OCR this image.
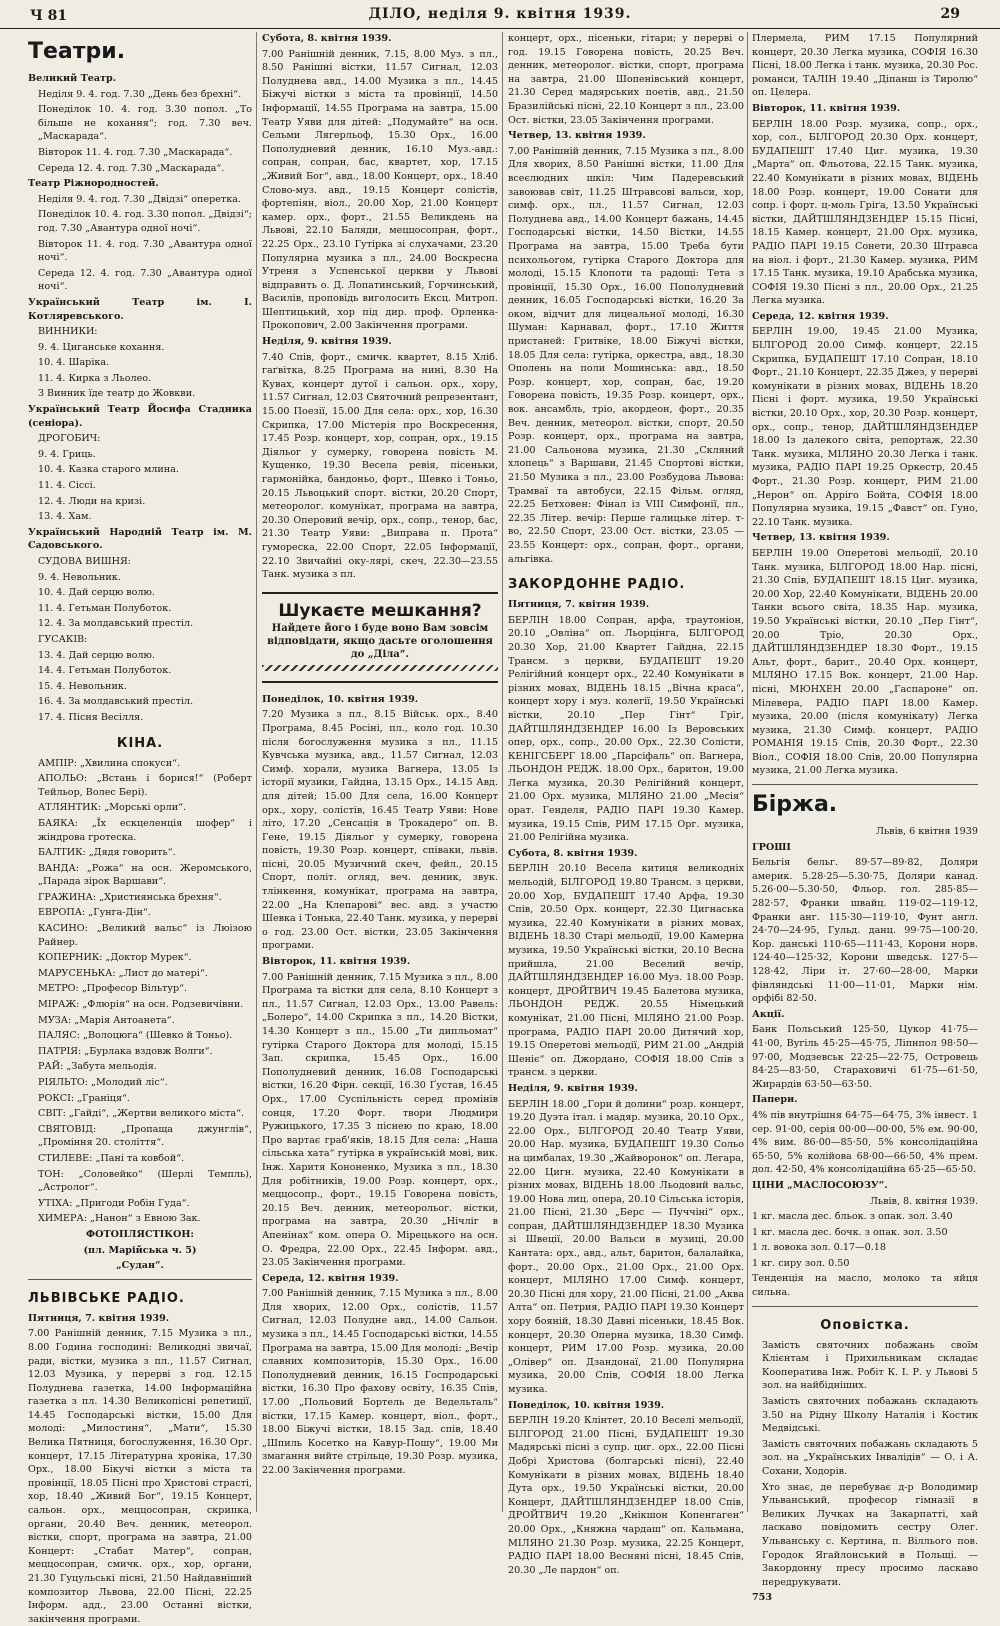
Ч 81	ДІЛО, неділя 9. квітня 1939.	29
Театри.

Великий Театр.

Неділя 9. 4. год. 7.30 „День без брехні“.

Понеділок 10. 4. год. 3.30 попол. „То більше не кохання“; год. 7.30 веч. „Маскарада“.

Вівторок 11. 4. год. 7.30 „Маскарада“.

Середа 12. 4. год. 7.30 „Маскарада“.

Театр Ріжнородностей.

Неділя 9. 4. год. 7.30 „Двідзі“ оперетка.

Понеділок 10. 4. год. 3.30 попол. „Двідзі“; год. 7.30 „Авантура одної ночі“.

Вівторок 11. 4. год. 7.30 „Авантура одної ночі“.

Середа 12. 4. год. 7.30 „Авантура одної ночі“.

Український Театр ім. І. Котляревського.

ВИННИКИ:

9. 4. Циганське кохання.

10. 4. Шаріка.

11. 4. Кирка з Льолео.

З Винник їде театр до Жовкви.

Український Театр Йосифа Стадника (сеніора).

ДРОГОБИЧ:

9. 4. Гриць.

10. 4. Казка старого млина.

11. 4. Сіссі.

12. 4. Люди на кризі.

13. 4. Хам.

Український Народній Театр ім. М. Садовського.

СУДОВА ВИШНЯ:

9. 4. Невольник.

10. 4. Дай серцю волю.

11. 4. Гетьман Полуботок.

12. 4. За молдавський престіл.

ГУСАКІВ:

13. 4. Дай серцю волю.

14. 4. Гетьман Полуботок.

15. 4. Невольник.

16. 4. За молдавський престіл.

17. 4. Пісня Весілля.

КІНА.

АМПІР: „Хвилина спокуси“.

АПОЛЬО: „Встань і борися!“ (Роберт Тейльор, Волес Бері).

АТЛЯНТИК: „Морські орли“.

БАЯКА: „Їх ескцеленція шофер“ і жіндрова гротеска.

БАЛТИК: „Дядя говорить“.

ВАНДА: „Рожа“ на осн. Жеромського, „Парада зірок Варшави“.

ГРАЖИНА: „Християнська брехня“.

ЕВРОПА: „Гунга-Дін“.

КАСИНО: „Великий вальс“ із Люізою Райнер.

КОПЕРНИК: „Доктор Мурек“.

МАРУСЕНЬКА: „Лист до матері“.

МЕТРО: „Професор Вільтур“.

МІРАЖ: „Флюрія“ на осн. Родзевичівни.

МУЗА: „Марія Антоанета“.

ПАЛЯС: „Волоцюга“ (Шевко й Тоньо).

ПАТРІЯ: „Бурлака вздовж Волги“.

РАЙ: „Забута мельодія.

РІЯЛЬТО: „Молодий ліс“.

РОКСІ: „Граніця“.

СВІТ: „Гайді“, „Жертви великого міста“.

СВЯТОВІД: „Пропаща джунглів“, „Проміння 20. століття“.

СТИЛЕВЕ: „Пані та ковбой“.

ТОН: „Соловейко“ (Шерлі Темпль), „Астролог“.

УТІХА: „Пригоди Робін Гуда“.

ХИМЕРА: „Нанон“ з Евною Зак.

ФОТОПЛЯСТІКОН:

(пл. Марійська ч. 5)

„Судан“.

ЛЬВІВСЬКЕ РАДІО.

Пятниця, 7. квітня 1939.

7.00 Ранішній денник, 7.15 Музика з пл., 8.00 Година господині: Великодні звичаї, ради, вістки, музика з пл., 11.57 Сигнал, 12.03 Музика, у перерві з год. 12.15 Полуднева газетка, 14.00 Інформаційна газетка з пл. 14.30 Великопісні репетиції, 14.45 Господарські вістки, 15.00 Для молоді: „Милостиня“, „Мати“, 15.30 Велика Пятниця, богослуження, 16.30 Орг. концерт, 17.15 Літературна хроніка, 17.30 Орх., 18.00 Бікучі вістки з міста та провінції, 18.05 Пісні про Христові страсті, хор, 18.40 „Живий Бог“, 19.15 Концерт, сальон. орх., меццосопран, скрипка, органи, 20.40 Веч. денник, метеорол. вістки, спорт, програма на завтра, 21.00 Концерт: „Стабат Матер“, сопран, меццосопран, смичк. орх., хор, органи, 21.30 Гуцульські пісні, 21.50 Найдавніший композитор Львова, 22.00 Пісні, 22.25 Інформ. адд., 23.00 Останні вістки, закінчення програми.

Субота, 8. квітня 1939.

7.00 Ранішній денник, 7.15, 8.00 Муз. з пл., 8.50 Ранішні вістки, 11.57 Сигнал, 12.03 Полуднева авд., 14.00 Музика з пл., 14.45 Біжучі вістки з міста та провінції, 14.50 Інформації, 14.55 Програма на завтра, 15.00 Театр Уяви для дітей: „Подумайте“ на осн. Сельми Лягерльоф, 15.30 Орх., 16.00 Пополудневий денник, 16.10 Муз.-авд.: сопран, сопран, бас, квартет, хор, 17.15 „Живий Бог“, авд., 18.00 Концерт, орх., 18.40 Слово-муз. авд., 19.15 Концерт солістів, фортепіян, віол., 20.00 Хор, 21.00 Концерт камер. орх., форт., 21.55 Великдень на Львові, 22.10 Баляди, меццосопран, форт., 22.25 Орх., 23.10 Гутірка зі слухачами, 23.20 Популярна музика з пл., 24.00 Воскресна Утреня з Успенської церкви у Львові відправить о. Д. Лопатинський, Горчинський, Василів, проповідь виголосить Ексц. Митроп. Шептицький, хор під дир. проф. Орленка-Прокопович, 2.00 Закінчення програми.

Неділя, 9. квітня 1939.

7.40 Спів, форт., смичк. квартет, 8.15 Хліб. гаґвітка, 8.25 Програма на нині, 8.30 На Кувах, концерт дутої і сальон. орх., хору, 11.57 Сигнал, 12.03 Святочний репрезентант, 15.00 Поезії, 15.00 Для села: орх., хор, 16.30 Скрипка, 17.00 Містерія про Воскресення, 17.45 Розр. концерт, хор, сопран, орх., 19.15 Діяльог у сумерку, говорена повість М. Кущенко, 19.30 Весела ревія, пісеньки, гармонійка, бандоньо, форт., Шевко і Тоньо, 20.15 Львоцький спорт. вістки, 20.20 Спорт, метеоролог. комунікат, програма на завтра, 20.30 Оперовий вечір, орх., сопр., тенор, бас, 21.30 Театр Уяви: „Виправа п. Прота“ гумореска, 22.00 Спорт, 22.05 Інформації, 22.10 Звичайні оку-лярі, скеч, 22.30—23.55 Танк. музика з пл.

Шукаєте мешкання?
Найдете його і буде воно Вам зовсім відповідати, якщо дасьте оголошення до „Діла“.

Понеділок, 10. квітня 1939.

7.20 Музика з пл., 8.15 Військ. орх., 8.40 Програма, 8.45 Росіні, пл., коло год. 10.30 після богослуження музика з пл., 11.15 Кувчська музика, авд., 11.57 Сигнал, 12.03 Симф. хорали, музика Вагнера, 13.05 Із історії музики, Гайдна, 13.15 Орх., 14.15 Авд. для дітей; 15.00 Для села, 16.00 Концерт орх., хору, солістів, 16.45 Театр Уяви: Нове літо, 17.20 „Сенсація в Трокадеро“ оп. В. Гене, 19.15 Діяльог у сумерку, говорена повість, 19.30 Розр. концерт, співаки, львів. пісні, 20.05 Музичний скеч, фейл., 20.15 Спорт, політ. огляд, веч. денник, звук. тлінкення, комунікат, програма на завтра, 22.00 „На Клепарові“ вес. авд. з участю Шевка і Тонька, 22.40 Танк. музика, у перерві о год. 23.00 Ост. вістки, 23.05 Закінчення програми.

Вівторок, 11. квітня 1939.

7.00 Ранішній денник, 7.15 Музика з пл., 8.00 Програма та вістки для села, 8.10 Концерт з пл., 11.57 Сигнал, 12.03 Орх., 13.00 Равель: „Болеро“, 14.00 Скрипка з пл., 14.20 Вістки, 14.30 Концерт з пл., 15.00 „Ти дипльомат“ гутірка Старого Доктора для молоді, 15.15 Зап. скрипка, 15.45 Орх., 16.00 Пополудневий денник, 16.08 Господарські вістки, 16.20 Фірн. секції, 16.30 Ґустав, 16.45 Орх., 17.00 Суспільність серед промінів сонця, 17.20 Форт. твори Людмири Ружицького, 17.35 З піснею по краю, 18.00 Про вартає граб'яків, 18.15 Для села: „Наша сільська хата“ гутірка в українській мові, вик. Інж. Харитя Кононенко, Музика з пл., 18.30 Для робітників, 19.00 Розр. концерт, орх., меццосопр., форт., 19.15 Говорена повість, 20.15 Веч. денник, метеорольог. вістки, програма на завтра, 20.30 „Нічліг в Апенінах“ ком. опера О. Мірецького на осн. О. Фредра, 22.00 Орх., 22.45 Інформ. авд., 23.05 Закінчення програми.

Середа, 12. квітня 1939.

7.00 Ранішній денник, 7.15 Музика з пл., 8.00 Для хворих, 12.00 Орх., солістів, 11.57 Сигнал, 12.03 Полудне авд., 14.00 Сальон. музика з пл., 14.45 Господарські вістки, 14.55 Програма на завтра, 15.00 Для молоді: „Вечір славних композиторів, 15.30 Орх., 16.00 Пополудневий денник, 16.15 Госпродарські вістки, 16.30 Про фахову освіту, 16.35 Спів, 17.00 „Польовий Бортель де Ведельталь“ вістки, 17.15 Камер. концерт, віол., форт., 18.00 Біжучі вістки, 18.15 Зад. спів, 18.40 „Шпиль Косетко на Кавур-Пошу“, 19.00 Ми змагання вийте стрільце, 19.30 Розр. музика, 22.00 Закінчення програми.

концерт, орх., пісеньки, гітари; у перерві о год. 19.15 Говорена повість, 20.25 Веч. денник, метеоролог. вістки, спорт, програма на завтра, 21.00 Шопенівський концерт, 21.30 Серед мадярських поетів, авд., 21.50 Бразилійські пісні, 22.10 Концерт з пл., 23.00 Ост. вістки, 23.05 Закінчення програми.

Четвер, 13. квітня 1939.

7.00 Ранішній денник, 7.15 Музика з пл., 8.00 Для хворих, 8.50 Ранішні вістки, 11.00 Для всеєлюдних шкіл: Чим Падеревський завоював світ, 11.25 Штравсові вальси, хор, симф. орх., пл., 11.57 Сигнал, 12.03 Полуднева авд., 14.00 Концерт бажань, 14.45 Господарські вістки, 14.50 Вістки, 14.55 Програма на завтра, 15.00 Треба бути психольогом, гутірка Старого Доктора для молоді, 15.15 Клопоти та радощі: Тета з провінції, 15.30 Орх., 16.00 Пополудневий денник, 16.05 Господарські вістки, 16.20 За оком, відчит для лицеальної молоді, 16.30 Шуман: Карнавал, форт., 17.10 Життя пристаней: Гритвіке, 18.00 Біжучі вістки, 18.05 Для села: гутірка, оркестра, авд., 18.30 Ополень на поли Мошинська: авд., 18.50 Розр. концерт, хор, сопран, бас, 19.20 Говорена повість, 19.35 Розр. концерт, орх., вок. ансамбль, тріо, акордеон, форт., 20.35 Веч. денник, метеорол. вістки, спорт, 20.50 Розр. концерт, орх., програма на завтра, 21.00 Сальонова музика, 21.30 „Скляний хлопець“ з Варшави, 21.45 Спортові вістки, 21.50 Музика з пл., 23.00 Розбудова Львова: Трамваї та автобуси, 22.15 Фільм. огляд, 22.25 Бетховен: Фінал із VIII Симфонії, пл., 22.35 Літер. вечір: Перше галицьке літер. т-во, 22.50 Спорт, 23.00 Ост. вістки, 23.05 — 23.55 Концерт: орх., сопран, форт., органи, альгівка.

ЗАКОРДОННЕ РАДІО.

Пятниця, 7. квітня 1939.

БЕРЛІН 18.00 Сопран, арфа, траутоніон, 20.10 „Овліна“ оп. Льорцінга, БІЛГОРОД 20.30 Хор, 21.00 Квартет Гайдна, 22.15 Транcм. з церкви, БУДАПЕШТ 19.20 Релігійний концерт орх., 22.40 Комунікати в різних мовах, ВІДЕНЬ 18.15 „Вічна краса“, концерт хору і муз. колегії, 19.50 Українські вістки, 20.10 „Пер Гінт“ Гріґ, ДАЙТШЛЯНДЗЕНДЕР 16.00 Із Веровських опер, орх., сопр., 20.00 Орх., 22.30 Солісти, КЕНІГСБЕРГ 18.00 „Парсіфаль“ оп. Вагнера, ЛЬОНДОН РЕДЖ. 18.00 Орх., баритон, 19.00 Легка музика, 20.30 Релігійний концерт, 21.00 Орх. музика, МІЛЯНО 21.00 „Месія“ орат. Генделя, РАДІО ПАРІ 19.30 Камер. музика, 19.15 Спів, РИМ 17.15 Орг. музика, 21.00 Релігійна музика.

Субота, 8. квітня 1939.

БЕРЛІН 20.10 Весела китиця великодніх мельодій, БІЛГОРОД 19.80 Трансм. з церкви, 20.00 Хор, БУДАПЕШТ 17.40 Арфа, 19.30 Спів, 20.50 Орх. концерт, 22.30 Цигнаська музика, 22.40 Комунікати в різних мовах, ВІДЕНЬ 18.30 Старі мельодії, 19.00 Камерна музика, 19.50 Українські вістки, 20.10 Весна прийшла, 21.00 Веселий вечір, ДАЙТШЛЯНДЗЕНДЕР 16.00 Муз. 18.00 Розр. концерт, ДРОЙТВИЧ 19.45 Балетова музика, ЛЬОНДОН РЕДЖ. 20.55 Німецький комунікат, 21.00 Пісні, МІЛЯНО 21.00 Розр. програма, РАДІО ПАРІ 20.00 Дитячий хор, 19.15 Оперетові мельодії, РИМ 21.00 „Андрій Шеніє“ оп. Джордано, СОФІЯ 18.00 Спів з трансм. з церкви.

Неділя, 9. квітня 1939.

БЕРЛІН 18.00 „Гори й долини“ розр. концерт, 19.20 Дуэта італ. і мадяр. музика, 20.10 Орх., 22.00 Орх., БІЛГОРОД 20.40 Театр Уяви, 20.00 Нар. музика, БУДАПЕШТ 19.30 Сольо на цимбалах, 19.30 „Жайворонок“ оп. Легара, 22.00 Цигн. музика, 22.40 Комунікати в різних мовах, ВІДЕНЬ 18.00 Льодовий вальс, 19.00 Нова лиц. опера, 20.10 Сільська історія, 21.00 Пісні, 21.30 „Берс — Пуччіні“ орх., сопран, ДАЙТШЛЯНДЗЕНДЕР 18.30 Музика зі Швеції, 20.00 Вальси в музиці, 20.00 Кантата: орх., авд., альт, баритон, балалайка, форт., 20.00 Орх., 21.00 Орх., 21.00 Орх. концерт, МІЛЯНО 17.00 Симф. концерт, 20.30 Пісні для хору, 21.00 Пісні, 21.00 „Аква Алта“ оп. Петрия, РАДІО ПАРІ 19.30 Концерт хору бояній, 18.30 Давні пісеньки, 18.45 Вок. концерт, 20.30 Оперна музика, 18.30 Симф. концерт, РИМ 17.00 Розр. музика, 20.00 „Олівер“ оп. Дзандонаї, 21.00 Популярна музика, 20.00 Спів, СОФІЯ 18.00 Легка музика.

Понеділок, 10. квітня 1939.

БЕРЛІН 19.20 Клінтет, 20.10 Веселі мельодії, БІЛГОРОД 21.00 Пісні, БУДАПЕШТ 19.30 Мадярські пісні з супр. циг. орх., 22.00 Пісні Добрі Христова (болгарські пісні), 22.40 Комунікати в різних мовах, ВІДЕНЬ 18.40 Дута орх., 19.50 Українські вістки, 20.00 Концерт, ДАЙТШЛЯНДЗЕНДЕР 18.00 Спів, ДРОЙТВИЧ 19.20 „Кнікшон Копенгаген“ 20.00 Орх., „Княжна чардаш“ оп. Кальмана, МІЛЯНО 21.30 Розр. музика, 22.25 Концерт, РАДІО ПАРІ 18.00 Весняні пісні, 18.45 Спів, 20.30 „Ле пардон“ оп.

Плермела, РИМ 17.15 Популярний концерт, 20.30 Легка музика, СОФІЯ 16.30 Пісні, 18.00 Легка і танк. музика, 20.30 Рос. романси, ТАЛІН 19.40 „Діпанш із Тиролю“ оп. Целера.

Вівторок, 11. квітня 1939.

БЕРЛІН 18.00 Розр. музика, сопр., орх., хор, сол., БІЛГОРОД 20.30 Орх. концерт, БУДАПЕШТ 17.40 Циг. музика, 19.30 „Марта“ оп. Фльотова, 22.15 Танк. музика, 22.40 Комунікати в різних мовах, ВІДЕНЬ 18.00 Розр. концерт, 19.00 Сонати для сопр. і форт. ц-моль Гріґа, 13.50 Українські вістки, ДАЙТШЛЯНДЗЕНДЕР 15.15 Пісні, 18.15 Камер. концерт, 21.00 Орх. музика, РАДІО ПАРІ 19.15 Сонети, 20.30 Штравса на віол. і форт., 21.30 Камер. музика, РИМ 17.15 Танк. музика, 19.10 Арабська музика, СОФІЯ 19.30 Пісні з пл., 20.00 Орх., 21.25 Легка музика.

Середа, 12. квітня 1939.

БЕРЛІН 19.00, 19.45 21.00 Музика, БІЛГОРОД 20.00 Симф. концерт, 22.15 Скрипка, БУДАПЕШТ 17.10 Сопран, 18.10 Форт., 21.10 Концерт, 22.35 Джез, у перерві комунікати в різних мовах, ВІДЕНЬ 18.20 Пісні і форт. музика, 19.50 Українські вістки, 20.10 Орх., хор, 20.30 Розр. концерт, орх., сопр., тенор, ДАЙТШЛЯНДЗЕНДЕР 18.00 Із далекого світа, репортаж, 22.30 Танк. музика, МІЛЯНО 20.30 Легка і танк. музика, РАДІО ПАРІ 19.25 Оркестр, 20.45 Форт., 21.30 Розр. концерт, РИМ 21.00 „Нерон“ оп. Арріго Бойта, СОФІЯ 18.00 Популярна музика, 19.15 „Фавст“ оп. Гуно, 22.10 Танк. музика.

Четвер, 13. квітня 1939.

БЕРЛІН 19.00 Оперетові мельодії, 20.10 Танк. музика, БІЛГОРОД 18.00 Нар. пісні, 21.30 Спів, БУДАПЕШТ 18.15 Циг. музика, 20.00 Хор, 22.40 Комунікати, ВІДЕНЬ 20.00 Танки всього світа, 18.35 Нар. музика, 19.50 Українські вістки, 20.10 „Пер Гінт“, 20.00 Тріо, 20.30 Орх., ДАЙТШЛЯНДЗЕНДЕР 18.30 Форт., 19.15 Альт, форт., барит., 20.40 Орх. концерт, МІЛЯНО 17.15 Вок. концерт, 21.00 Нар. пісні, МЮНХЕН 20.00 „Гаспароне“ оп. Мілевера, РАДІО ПАРІ 18.00 Камер. музика, 20.00 (після комунікату) Легка музика, 21.30 Симф. концерт, РАДІО РОМАНІЯ 19.15 Спів, 20.30 Форт., 22.30 Віол., СОФІЯ 18.00 Спів, 20.00 Популярна музика, 21.00 Легка музика.

Біржа.

Львів, 6 квітня 1939

ГРОШІ

Бельгія бельг. 89·57—89·82, Доляри америк. 5.28·25—5.30·75, Доляри канад. 5.26·00—5.30·50, Фльор. гол. 285·85—282·57, Франки швайц. 119·02—119·12, Франки анг. 115·30—119·10, Фунт англ. 24·70—24·95, Гульд. данц. 99·75—100·20. Кор. данські 110·65—111·43, Корони норв. 124·40—125·32, Корони шведськ. 127·5—128·42, Ліри іт. 27·60—28·00, Марки фінляндські 11·00—11·01, Марки нім. орфібі 82·50.

Акції.

Банк Польський 125·50, Цукор 41·75—41·00, Вугіль 45·25—45·75, Ліпнпол 98·50—97·00, Модзевськ 22·25—22·75, Островець 84·25—83·50, Стараховичі 61·75—61·50, Жирардів 63·50—63·50.

Папери.

4% пів внутрішня 64·75—64·75, 3% інвест. 1 сер. 91·00, серія 00·00—00·00, 5% ем. 90·00, 4% вим. 86·00—85·50, 5% консолідаційна 65·50, 5% колійова 68·00—66·50, 4% прем. дол. 42·50, 4% консолідаційна 65·25—65·50.

ЦІНИ „МАСЛОСОЮЗУ“.

Львів, 8. квітня 1939.

1 кг. масла дес. бльок. з опак. зол. 3.40

1 кг. масла дес. бочк. з опак. зол. 3.50

1 л. вовока зол. 0.17—0.18

1 кг. сиру зол. 0.50

Тенденція на масло, молоко та яйця сильна.

Оповістка.

Замість святочних побажань своїм Клієнтам і Прихильникам складає Кооператива Інж. Робіт К. І. Р. у Львові 5 зол. на найбідніших.

Замість святочних побажань складають 3.50 на Рідну Школу Наталія і Костик Медвідські.

Замість святочних побажань складають 5 зол. на „Українських Інвалідів“ — О. і А. Сохани, Ходорів.

Хто знає, де перебуває д-р Володимир Ульванський, професор гімназії в Великих Лучках на Закарпатті, хай ласкаво повідомить сестру Олег. Ульванську с. Кертина, п. Віллього пов. Городок Ягайлонський в Польщі. — Закордонну пресу просимо ласкаво передрукувати.

753
